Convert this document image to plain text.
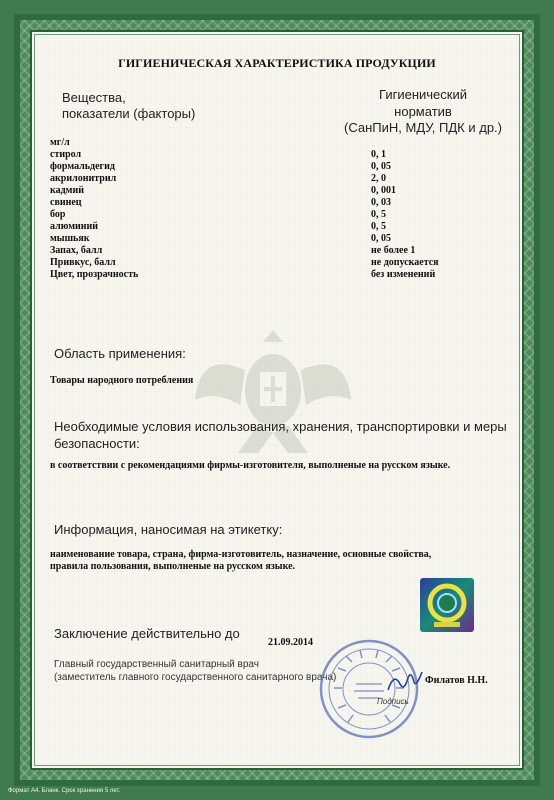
ГИГИЕНИЧЕСКАЯ ХАРАКТЕРИСТИКА ПРОДУКЦИИ
Вещества,
показатели (факторы)
Гигиенический
норматив
(СанПиН, МДУ, ПДК и др.)
мг/л
стирол	0, 1
формальдегид	0, 05
акрилонитрил	2, 0
кадмий	0, 001
свинец	0, 03
бор	0, 5
алюминий	0, 5
мышьяк	0, 05
Запах, балл	не более 1
Привкус, балл	не допускается
Цвет, прозрачность	без изменений
Область применения:
Товары народного потребления
Необходимые условия использования, хранения, транспортировки и меры
безопасности:
в соответствии с рекомендациями фирмы-изготовителя, выполненые на русском языке.
Информация, наносимая на этикетку:
наименование товара, страна, фирма-изготовитель, назначение, основные свойства,
правила пользования, выполненые на русском языке.
Заключение действительно до
21.09.2014
Главный государственный санитарный врач
(заместитель главного государственного санитарного врача)
Подпись
Филатов Н.Н.
Формат А4. Бланк. Срок хранения 5 лет.
